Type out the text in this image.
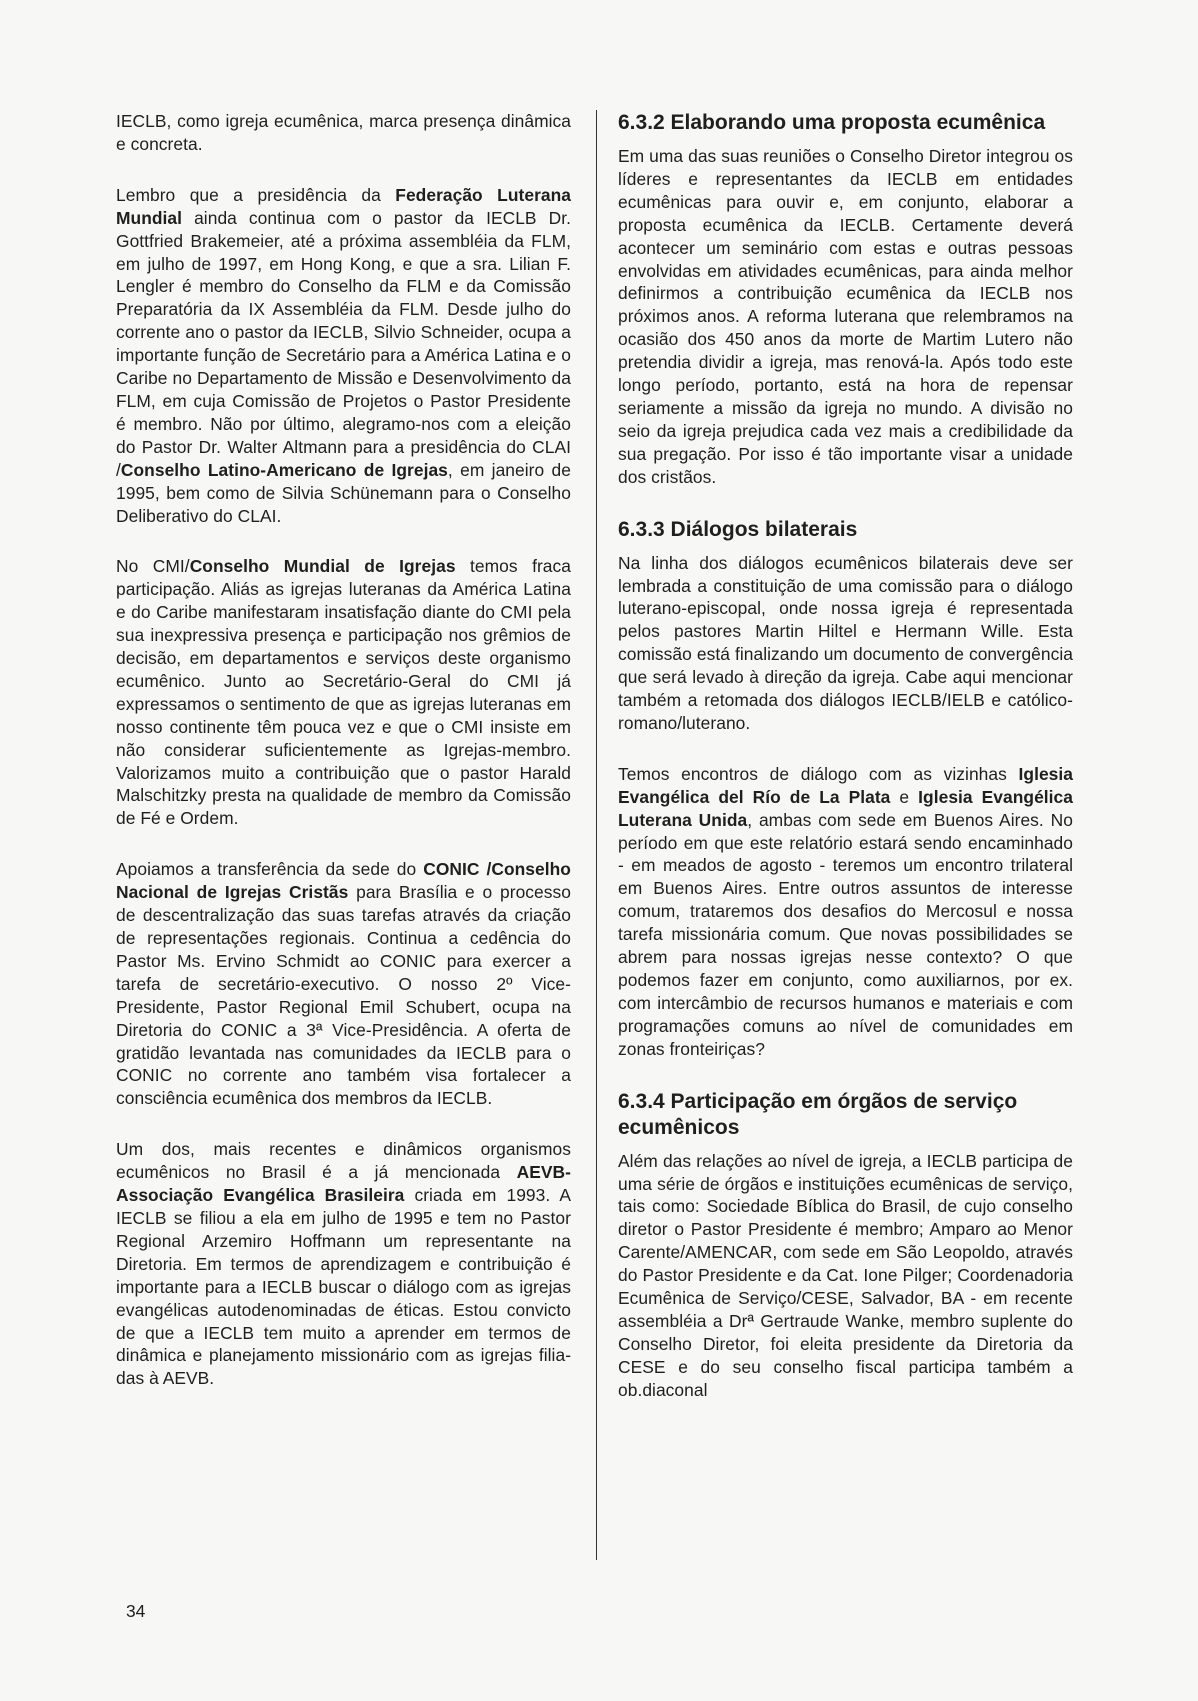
IECLB, como igreja ecumênica, marca presença dinâmica e concreta.

Lembro que a presidência da Federação Luterana Mundial ainda continua com o pastor da IECLB Dr. Gottfried Brakemeier, até a próxima assembléia da FLM, em julho de 1997, em Hong Kong, e que a sra. Lilian F. Lengler é membro do Conselho da FLM e da Comissão Preparatória da IX Assembléia da FLM. Desde julho do corrente ano o pastor da IECLB, Silvio Schneider, ocupa a importante função de Secretário para a América Latina e o Caribe no Departamento de Missão e Desenvolvimento da FLM, em cuja Comissão de Projetos o Pastor Presidente é membro. Não por último, alegramo-nos com a eleição do Pastor Dr. Walter Altmann para a presidência do CLAI /Conselho Latino-Americano de Igrejas, em janeiro de 1995, bem como de Silvia Schünemann para o Conselho Deliberativo do CLAI.

No CMI/Conselho Mundial de Igrejas temos fraca participação. Aliás as igrejas luteranas da América Latina e do Caribe manifestaram insatisfação diante do CMI pela sua inexpressiva presença e participação nos grêmios de decisão, em departamentos e serviços deste organismo ecumênico. Junto ao Secretário-Geral do CMI já expressamos o sentimento de que as igrejas luteranas em nosso continente têm pouca vez e que o CMI insiste em não considerar suficientemente as Igrejas-membro. Valorizamos muito a contribuição que o pastor Harald Malschitzky presta na qualidade de membro da Comissão de Fé e Ordem.

Apoiamos a transferência da sede do CONIC /Conselho Nacional de Igrejas Cristãs para Brasília e o processo de descentralização das suas tarefas através da criação de representações regionais. Continua a cedência do Pastor Ms. Ervino Schmidt ao CONIC para exercer a tarefa de secretário-executivo. O nosso 2º Vice-Presidente, Pastor Regional Emil Schubert, ocupa na Diretoria do CONIC a 3ª Vice-Presidência. A oferta de gratidão levantada nas comunidades da IECLB para o CONIC no corrente ano também visa fortalecer a consciência ecumênica dos membros da IECLB.

Um dos, mais recentes e dinâmicos organismos ecumênicos no Brasil é a já mencionada AEVB-Associação Evangélica Brasileira criada em 1993. A IECLB se filiou a ela em julho de 1995 e tem no Pastor Regional Arzemiro Hoffmann um representante na Diretoria. Em termos de aprendizagem e contribuição é importante para a IECLB buscar o diálogo com as igrejas evangélicas autodenominadas de éticas. Estou convicto de que a IECLB tem muito a aprender em termos de dinâmica e planejamento missionário com as igrejas filiadas à AEVB.

6.3.2 Elaborando uma proposta ecumênica

Em uma das suas reuniões o Conselho Diretor integrou os líderes e representantes da IECLB em entidades ecumênicas para ouvir e, em conjunto, elaborar a proposta ecumênica da IECLB. Certamente deverá acontecer um seminário com estas e outras pessoas envolvidas em atividades ecumênicas, para ainda melhor definirmos a contribuição ecumênica da IECLB nos próximos anos. A reforma luterana que relembramos na ocasião dos 450 anos da morte de Martim Lutero não pretendia dividir a igreja, mas renová-la. Após todo este longo período, portanto, está na hora de repensar seriamente a missão da igreja no mundo. A divisão no seio da igreja prejudica cada vez mais a credibilidade da sua pregação. Por isso é tão importante visar a unidade dos cristãos.

6.3.3 Diálogos bilaterais

Na linha dos diálogos ecumênicos bilaterais deve ser lembrada a constituição de uma comissão para o diálogo luterano-episcopal, onde nossa igreja é representada pelos pastores Martin Hiltel e Hermann Wille. Esta comissão está finalizando um documento de convergência que será levado à direção da igreja. Cabe aqui mencionar também a retomada dos diálogos IECLB/IELB e católico-romano/luterano.

Temos encontros de diálogo com as vizinhas Iglesia Evangélica del Río de La Plata e Iglesia Evangélica Luterana Unida, ambas com sede em Buenos Aires. No período em que este relatório estará sendo encaminhado - em meados de agosto - teremos um encontro trilateral em Buenos Aires. Entre outros assuntos de interesse comum, trataremos dos desafios do Mercosul e nossa tarefa missionária comum. Que novas possibilidades se abrem para nossas igrejas nesse contexto? O que podemos fazer em conjunto, como auxiliarnos, por ex. com intercâmbio de recursos humanos e materiais e com programações comuns ao nível de comunidades em zonas fronteiriças?

6.3.4 Participação em órgãos de serviço ecumênicos

Além das relações ao nível de igreja, a IECLB participa de uma série de órgãos e instituições ecumênicas de serviço, tais como: Sociedade Bíblica do Brasil, de cujo conselho diretor o Pastor Presidente é membro; Amparo ao Menor Carente/AMENCAR, com sede em São Leopoldo, através do Pastor Presidente e da Cat. Ione Pilger; Coordenadoria Ecumênica de Serviço/CESE, Salvador, BA - em recente assembléia a Drª Gertraude Wanke, membro suplente do Conselho Diretor, foi eleita presidente da Diretoria da CESE e do seu conselho fiscal participa também a ob.diaconal

34
